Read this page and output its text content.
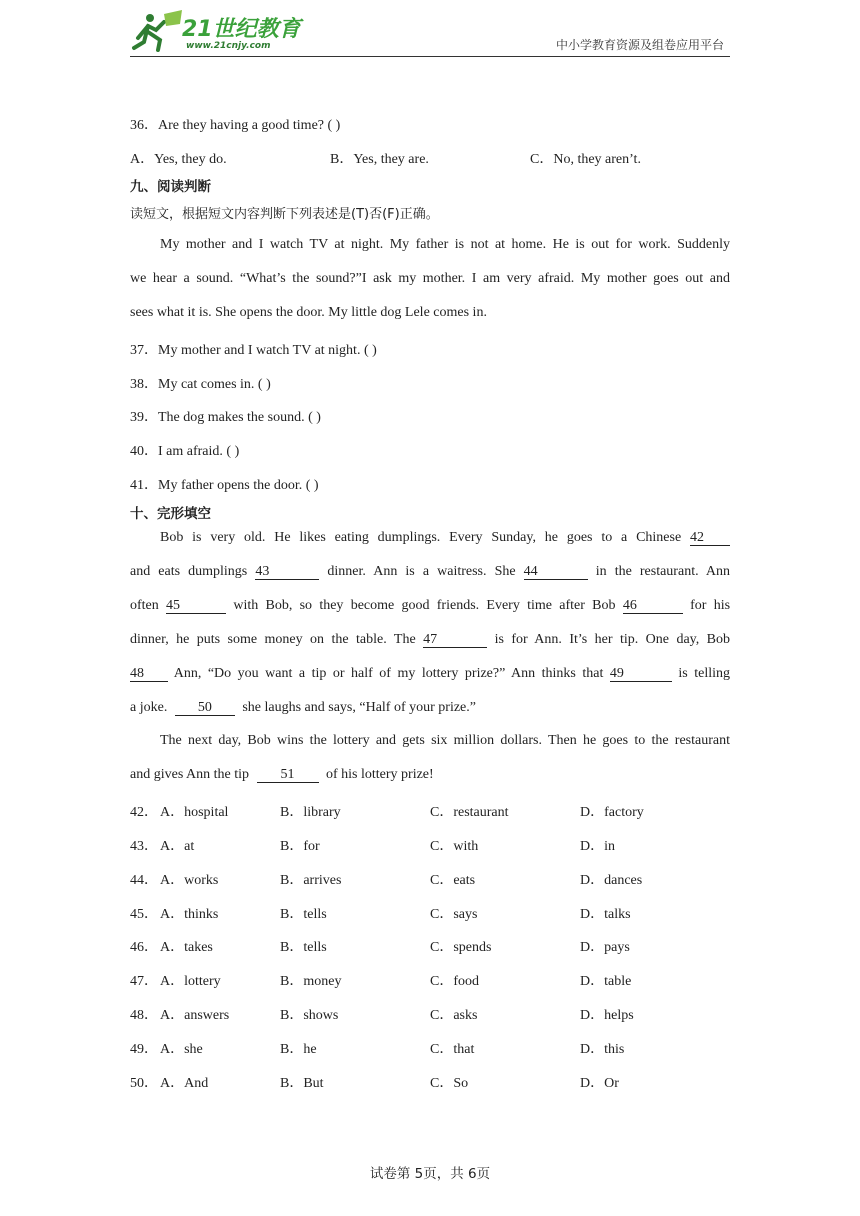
21世纪教育
www.21cnjy.com	中小学教育资源及组卷应用平台
36．Are they having a good time? ( )
A．Yes, they do.	B．Yes, they are.	C．No, they aren’t.
九、阅读判断
读短文，根据短文内容判断下列表述是(T)否(F)正确。
My mother and I watch TV at night. My father is not at home. He is out for work. Suddenly
we hear a sound. “What’s the sound?”I ask my mother. I am very afraid. My mother goes out and
sees what it is. She opens the door. My little dog Lele comes in.
37．My mother and I watch TV at night. ( )
38．My cat comes in. ( )
39．The dog makes the sound. ( )
40．I am afraid. ( )
41．My father opens the door. ( )
十、完形填空
Bob is very old. He likes eating dumplings. Every Sunday, he goes to a Chinese 42
and eats dumplings 43	dinner. Ann is a waitress. She 44	in the restaurant. Ann
often 45	with Bob, so they become good friends. Every time after Bob 46	for his
dinner, he puts some money on the table. The 47	is for Ann. It’s her tip. One day, Bob
48 Ann, “Do you want a tip or half of my lottery prize?” Ann thinks that 49	is telling
a joke. 50 she laughs and says, “Half of your prize.”
The next day, Bob wins the lottery and gets six million dollars. Then he goes to the restaurant
and gives Ann the tip 51 of his lottery prize!
42． A．hospital	B．library	C．restaurant	D．factory
43． A．at	B．for	C．with	D．in
44． A．works	B．arrives	C．eats	D．dances
45． A．thinks	B．tells	C．says	D．talks
46． A．takes	B．tells	C．spends	D．pays
47． A．lottery	B．money	C．food	D．table
48． A．answers	B．shows	C．asks	D．helps
49． A．she	B．he	C．that	D．this
50． A．And	B．But	C．So	D．Or
试卷第 5页，共 6页
